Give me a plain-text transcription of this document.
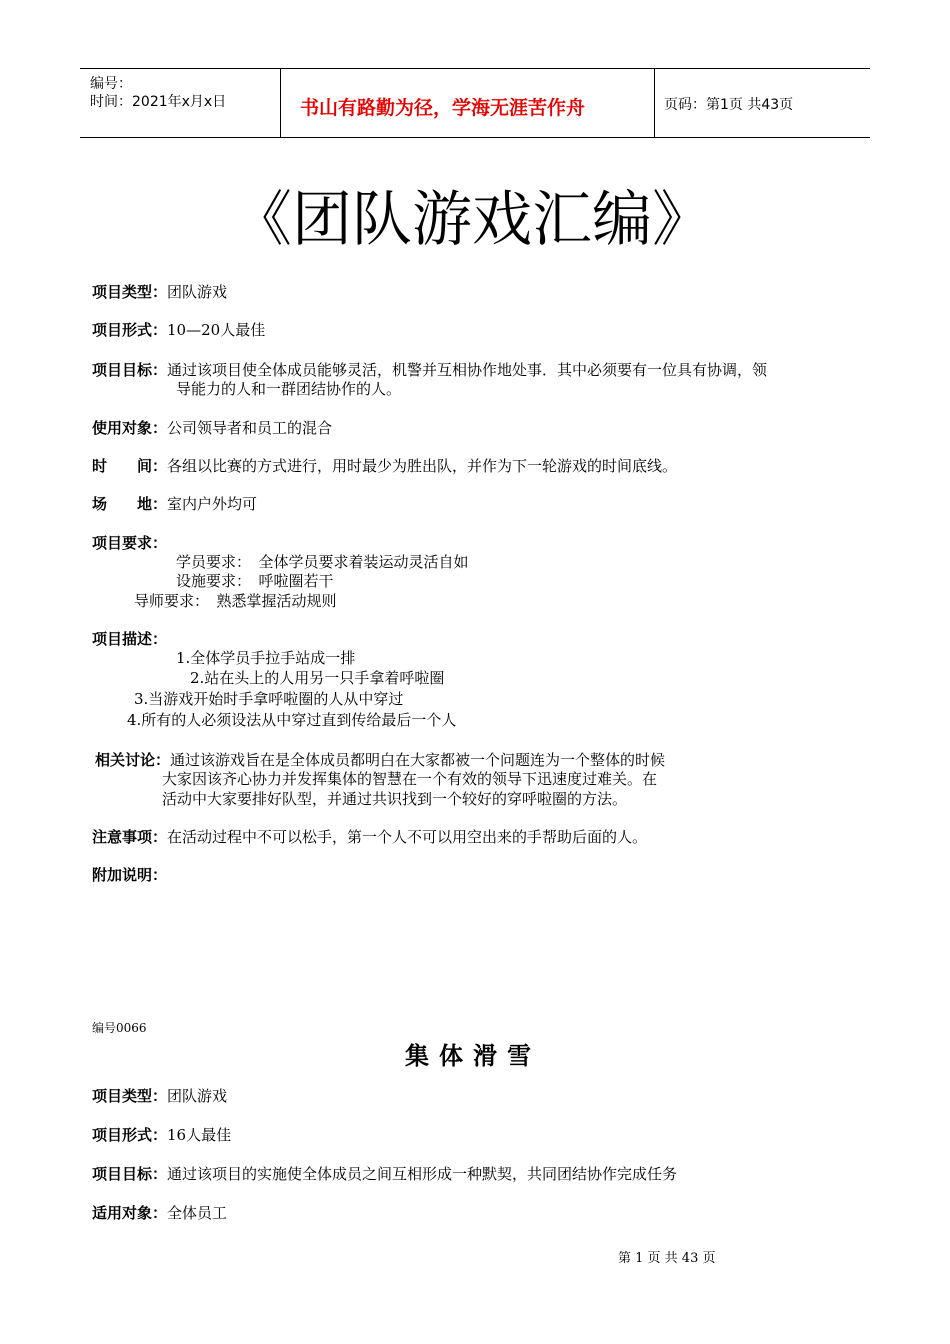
编号：
时间：2021年x月x日	书山有路勤为径，学海无涯苦作舟	页码：第1页 共43页
《团队游戏汇编》
项目类型：团队游戏
项目形式：10—20人最佳
项目目标：通过该项目使全体成员能够灵活，机警并互相协作地处事．其中必须要有一位具有协调，领
导能力的人和一群团结协作的人。
使用对象：公司领导者和员工的混合
时　　间：各组以比赛的方式进行，用时最少为胜出队，并作为下一轮游戏的时间底线。
场　　地：室内户外均可
项目要求：
学员要求：　全体学员要求着装运动灵活自如
设施要求：　呼啦圈若干
导师要求：　熟悉掌握活动规则
项目描述：
1.全体学员手拉手站成一排
2.站在头上的人用另一只手拿着呼啦圈
3.当游戏开始时手拿呼啦圈的人从中穿过
4.所有的人必须设法从中穿过直到传给最后一个人
相关讨论：通过该游戏旨在是全体成员都明白在大家都被一个问题连为一个整体的时候
大家因该齐心协力并发挥集体的智慧在一个有效的领导下迅速度过难关。在
活动中大家要排好队型，并通过共识找到一个较好的穿呼啦圈的方法。
注意事项：在活动过程中不可以松手，第一个人不可以用空出来的手帮助后面的人。
附加说明：
编号0066
集体滑雪
项目类型：团队游戏
项目形式：16人最佳
项目目标：通过该项目的实施使全体成员之间互相形成一种默契，共同团结协作完成任务
适用对象：全体员工
第 1 页 共 43 页
